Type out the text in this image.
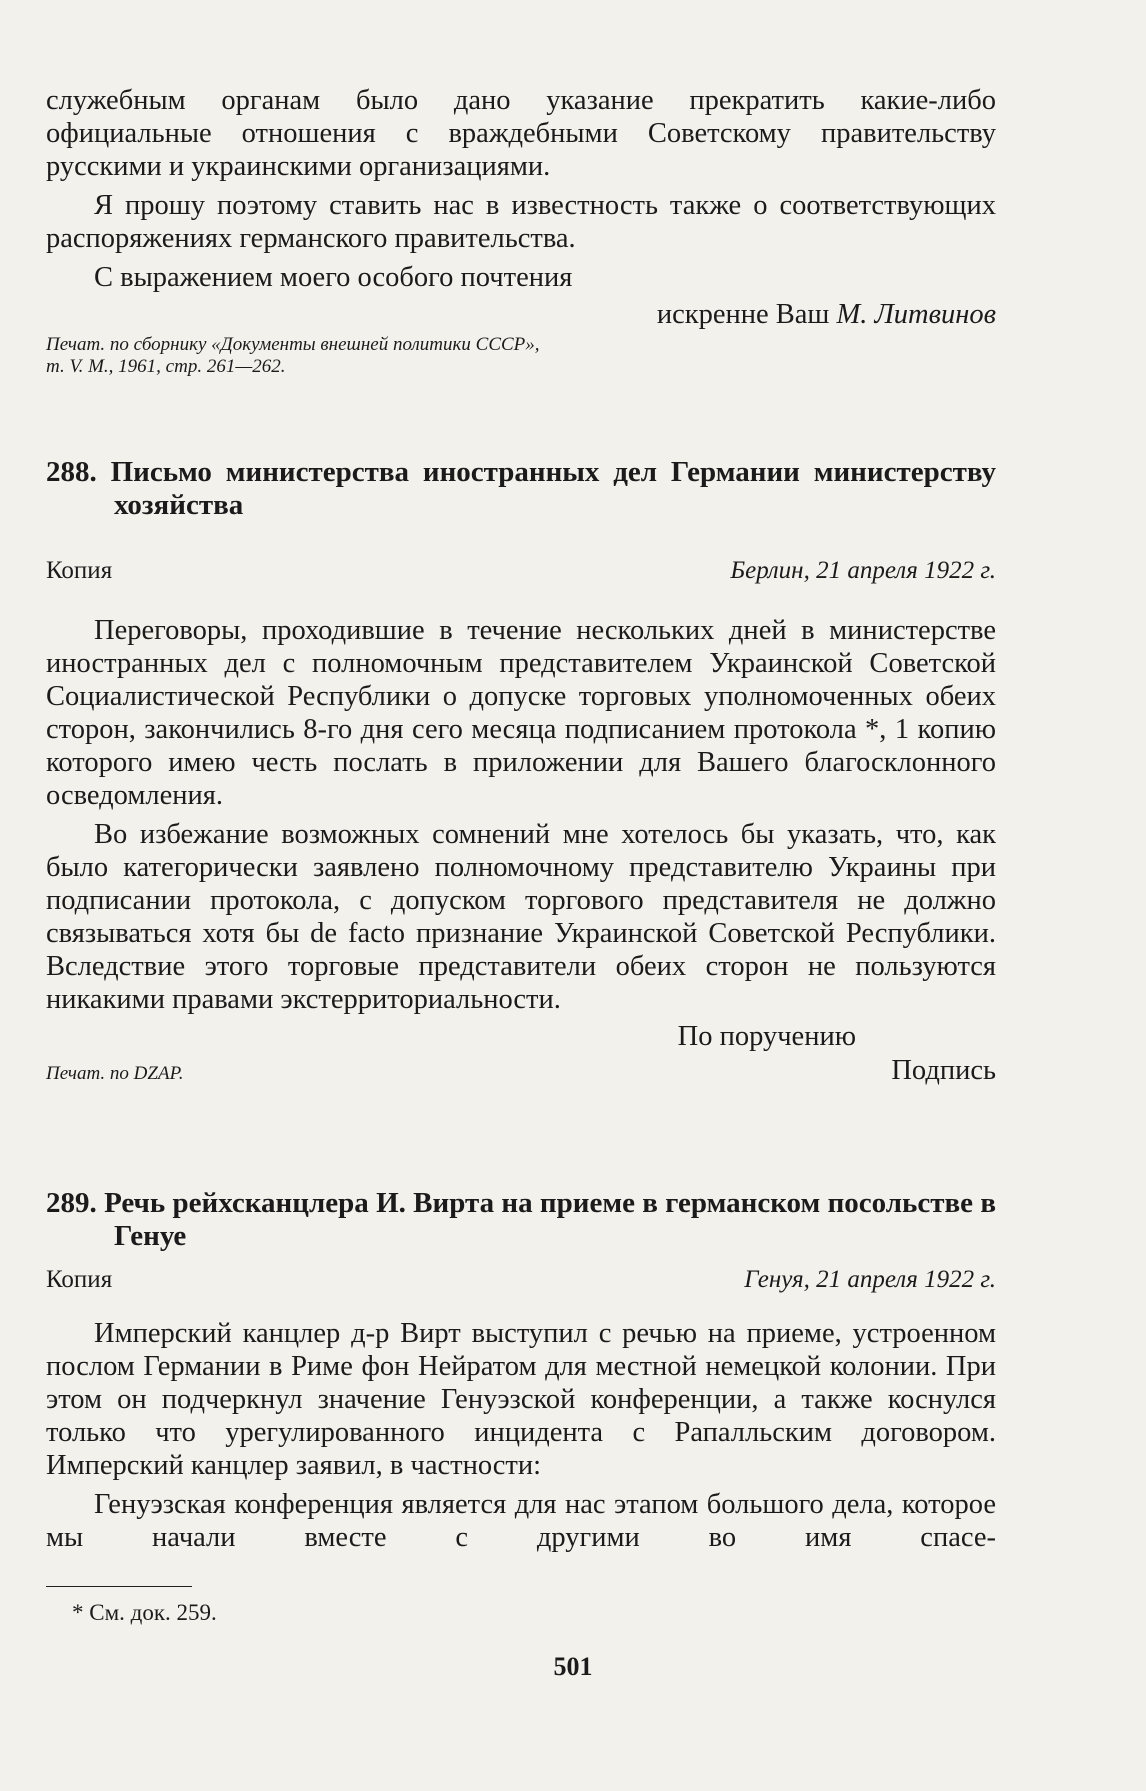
служебным органам было дано указание прекратить какие-либо официальные отношения с враждебными Советскому правительству русскими и украинскими организациями.

Я прошу поэтому ставить нас в известность также о соответствующих распоряжениях германского правительства.

С выражением моего особого почтения

искренне Ваш М. Литвинов

Печат. по сборнику «Документы внешней политики СССР», т. V. М., 1961, стр. 261—262.

288. Письмо министерства иностранных дел Германии министерству хозяйства

Копия	Берлин, 21 апреля 1922 г.

Переговоры, проходившие в течение нескольких дней в министерстве иностранных дел с полномочным представителем Украинской Советской Социалистической Республики о допуске торговых уполномоченных обеих сторон, закончились 8-го дня сего месяца подписанием протокола *, 1 копию которого имею честь послать в приложении для Вашего благосклонного осведомления.

Во избежание возможных сомнений мне хотелось бы указать, что, как было категорически заявлено полномочному представителю Украины при подписании протокола, с допуском торгового представителя не должно связываться хотя бы de facto признание Украинской Советской Республики. Вследствие этого торговые представители обеих сторон не пользуются никакими правами экстерриториальности.

По поручению

Печат. по DZAP.	Подпись

289. Речь рейхсканцлера И. Вирта на приеме в германском посольстве в Генуе

Копия	Генуя, 21 апреля 1922 г.

Имперский канцлер д-р Вирт выступил с речью на приеме, устроенном послом Германии в Риме фон Нейратом для местной немецкой колонии. При этом он подчеркнул значение Генуэзской конференции, а также коснулся только что урегулированного инцидента с Рапалльским договором. Имперский канцлер заявил, в частности:

Генуэзская конференция является для нас этапом большого дела, которое мы начали вместе с другими во имя спасе-

* См. док. 259.

501
